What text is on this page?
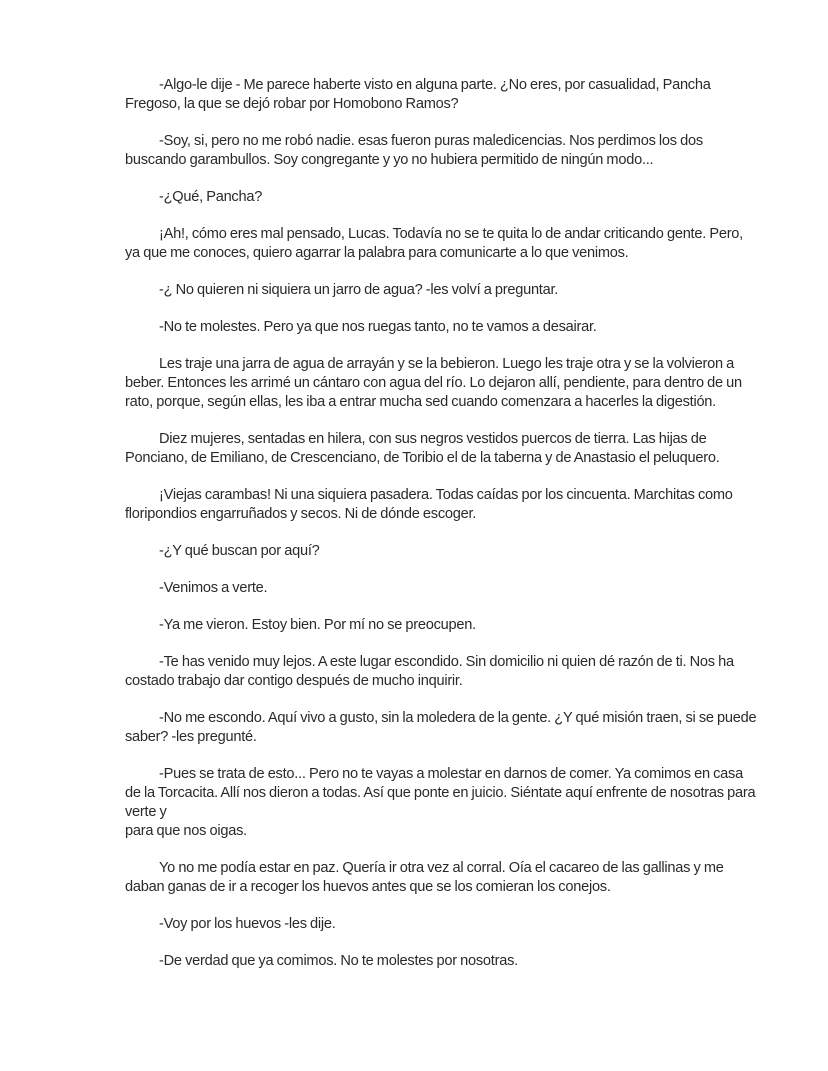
-Algo-le dije - Me parece haberte visto en alguna parte. ¿No eres, por casualidad, Pancha Fregoso, la que se dejó robar por Homobono Ramos?

-Soy, si, pero no me robó nadie. esas fueron puras maledicencias. Nos perdimos los dos buscando garambullos. Soy congregante y yo no hubiera permitido de ningún modo...

-¿Qué, Pancha?

¡Ah!, cómo eres mal pensado, Lucas. Todavía no se te quita lo de andar criticando gente. Pero, ya que me conoces, quiero agarrar la palabra para comunicarte a lo que venimos.

-¿ No quieren ni siquiera un jarro de agua? -les volví a preguntar.

-No te molestes. Pero ya que nos ruegas tanto, no te vamos a desairar.

Les traje una jarra de agua de arrayán y se la bebieron. Luego les traje otra y se la volvieron a beber. Entonces les arrimé un cántaro con agua del río. Lo dejaron allí, pendiente, para dentro de un rato, porque, según ellas, les iba a entrar mucha sed cuando comenzara a hacerles la digestión.

Diez mujeres, sentadas en hilera, con sus negros vestidos puercos de tierra. Las hijas de Ponciano, de Emiliano, de Crescenciano, de Toribio el de la taberna y de Anastasio el peluquero.

¡Viejas carambas! Ni una siquiera pasadera. Todas caídas por los cincuenta. Marchitas como floripondios engarruñados y secos. Ni de dónde escoger.

-¿Y qué buscan por aquí?

-Venimos a verte.

-Ya me vieron. Estoy bien. Por mí no se preocupen.

-Te has venido muy lejos. A este lugar escondido. Sin domicilio ni quien dé razón de ti. Nos ha costado trabajo dar contigo después de mucho inquirir.

-No me escondo. Aquí vivo a gusto, sin la moledera de la gente. ¿Y qué misión traen, si se puede saber? -les pregunté.

-Pues se trata de esto... Pero no te vayas a molestar en darnos de comer. Ya comimos en casa de la Torcacita. Allí nos dieron a todas. Así que ponte en juicio. Siéntate aquí enfrente de nosotras para verte y

para que nos oigas.

Yo no me podía estar en paz. Quería ir otra vez al corral. Oía el cacareo de las gallinas y me daban ganas de ir a recoger los huevos antes que se los comieran los conejos.

-Voy por los huevos -les dije.

-De verdad que ya comimos. No te molestes por nosotras.
